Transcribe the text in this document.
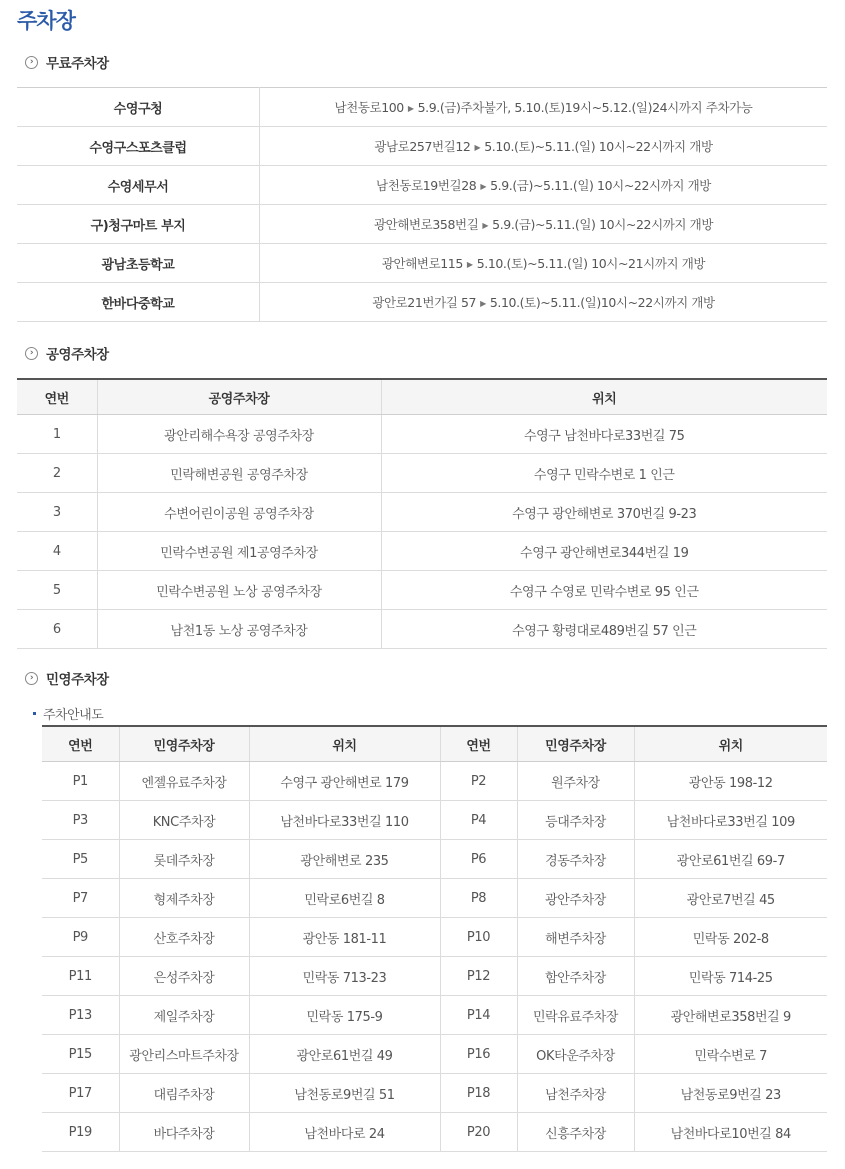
주차장
› 무료주차장
수영구청	남천동로100 ▶ 5.9.(금)주차불가, 5.10.(토)19시~5.12.(일)24시까지 주차가능
수영구스포츠클럽	광남로257번길12 ▶ 5.10.(토)~5.11.(일) 10시~22시까지 개방
수영세무서	남천동로19번길28 ▶ 5.9.(금)~5.11.(일) 10시~22시까지 개방
구)청구마트 부지	광안해변로358번길 ▶ 5.9.(금)~5.11.(일) 10시~22시까지 개방
광남초등학교	광안해변로115 ▶ 5.10.(토)~5.11.(일) 10시~21시까지 개방
한바다중학교	광안로21번가길 57 ▶ 5.10.(토)~5.11.(일)10시~22시까지 개방
› 공영주차장
연번	공영주차장	위치
1	광안리해수욕장 공영주차장	수영구 남천바다로33번길 75
2	민락해변공원 공영주차장	수영구 민락수변로 1 인근
3	수변어린이공원 공영주차장	수영구 광안해변로 370번길 9-23
4	민락수변공원 제1공영주차장	수영구 광안해변로344번길 19
5	민락수변공원 노상 공영주차장	수영구 수영로 민락수변로 95 인근
6	남천1동 노상 공영주차장	수영구 황령대로489번길 57 인근
› 민영주차장
주차안내도
연번	민영주차장	위치	연번	민영주차장	위치
P1	엔젤유료주차장	수영구 광안해변로 179	P2	원주차장	광안동 198-12
P3	KNC주차장	남천바다로33번길 110	P4	등대주차장	남천바다로33번길 109
P5	롯데주차장	광안해변로 235	P6	경동주차장	광안로61번길 69-7
P7	형제주차장	민락로6번길 8	P8	광안주차장	광안로7번길 45
P9	산호주차장	광안동 181-11	P10	해변주차장	민락동 202-8
P11	은성주차장	민락동 713-23	P12	함안주차장	민락동 714-25
P13	제일주차장	민락동 175-9	P14	민락유료주차장	광안해변로358번길 9
P15	광안리스마트주차장	광안로61번길 49	P16	OK타운주차장	민락수변로 7
P17	대림주차장	남천동로9번길 51	P18	남천주차장	남천동로9번길 23
P19	바다주차장	남천바다로 24	P20	신흥주차장	남천바다로10번길 84
